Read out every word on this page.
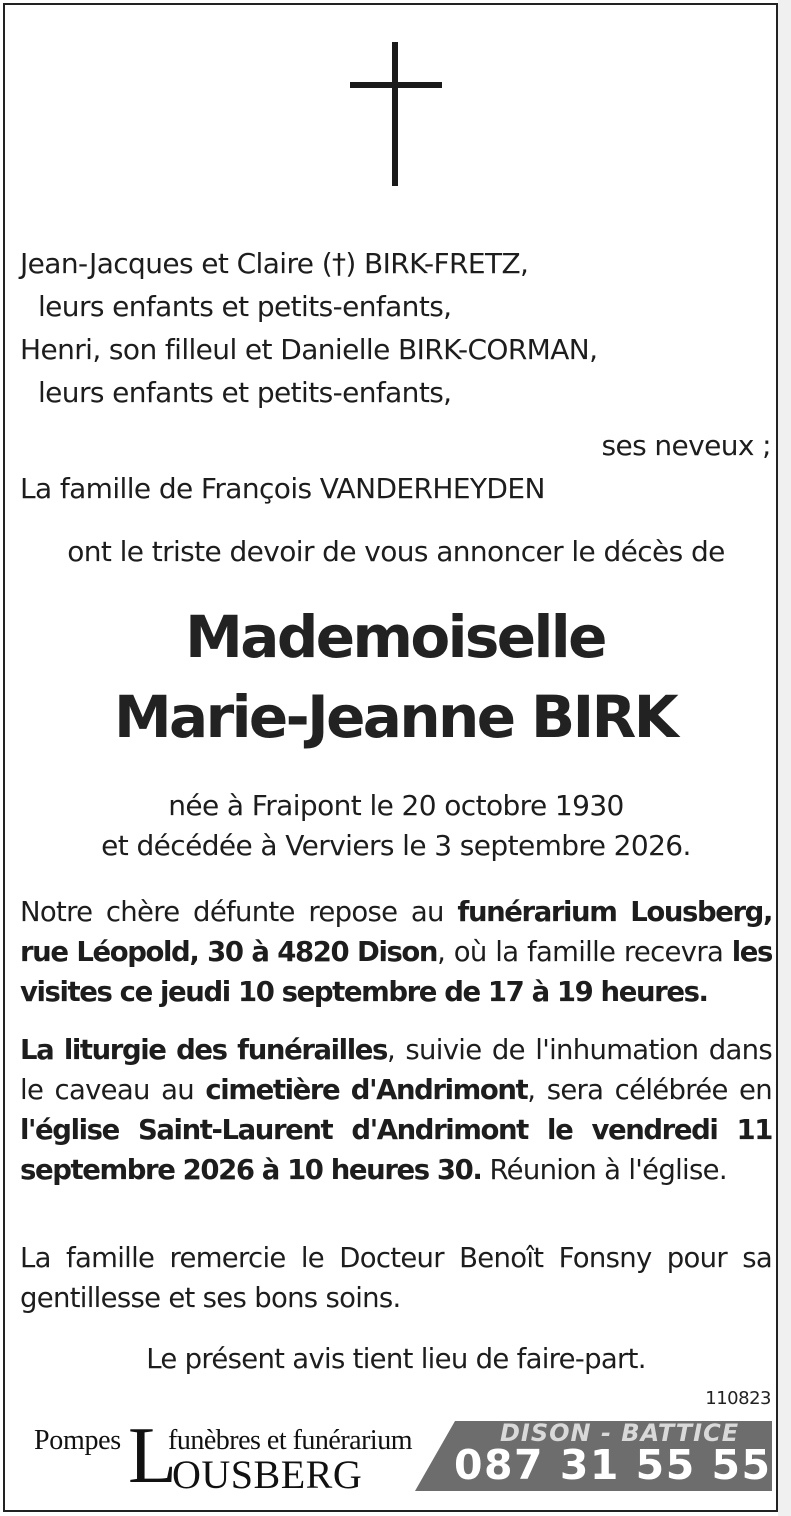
Jean-Jacques et Claire (†) BIRK-FRETZ,
leurs enfants et petits-enfants,
Henri, son filleul et Danielle BIRK-CORMAN,
leurs enfants et petits-enfants,
ses neveux ;
La famille de François VANDERHEYDEN
ont le triste devoir de vous annoncer le décès de
Mademoiselle
Marie-Jeanne BIRK
née à Fraipont le 20 octobre 1930
et décédée à Verviers le 3 septembre 2026.
Notre chère défunte repose au funérarium Lousberg, rue Léopold, 30 à 4820 Dison, où la famille recevra les visites ce jeudi 10 septembre de 17 à 19 heures.
La liturgie des funérailles, suivie de l'inhumation dans le caveau au cimetière d'Andrimont, sera célébrée en l'église Saint-Laurent d'Andrimont le vendredi 11 septembre 2026 à 10 heures 30. Réunion à l'église.
La famille remercie le Docteur Benoît Fonsny pour sa gentillesse et ses bons soins.
Le présent avis tient lieu de faire-part.
110823
Pompes L
funèbres et funérarium
OUSBERG
DISON - BATTICE
087 31 55 55
